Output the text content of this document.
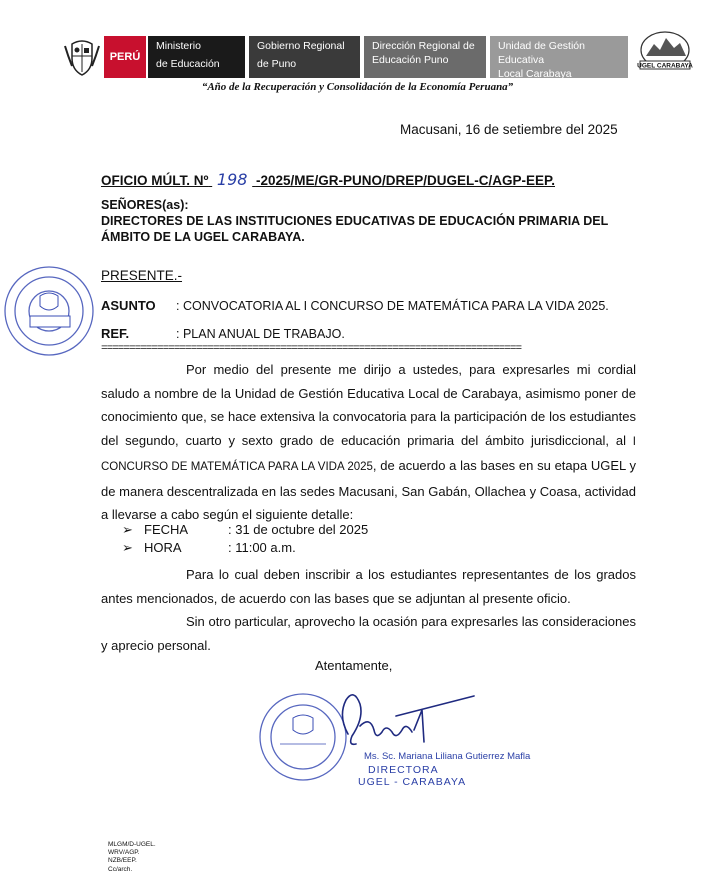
PERÚ
Ministerio
de Educación
Gobierno Regional
de Puno
Dirección Regional de
Educación Puno
Unidad de Gestión Educativa
Local Carabaya
UGEL CARABAYA
“Año de la Recuperación y Consolidación de la Economía Peruana”
Macusani, 16 de setiembre del 2025
OFICIO MÚLT. Nº 198 -2025/ME/GR-PUNO/DREP/DUGEL-C/AGP-EEP.
SEÑORES(as):
DIRECTORES DE LAS INSTITUCIONES EDUCATIVAS DE EDUCACIÓN PRIMARIA DEL ÁMBITO DE LA UGEL CARABAYA.
PRESENTE.-
ASUNTO : CONVOCATORIA AL I CONCURSO DE MATEMÁTICA PARA LA VIDA 2025.
REF.	: PLAN ANUAL DE TRABAJO.
===========================================================================
Por medio del presente me dirijo a ustedes, para expresarles mi cordial saludo a nombre de la Unidad de Gestión Educativa Local de Carabaya, asimismo poner de conocimiento que, se hace extensiva la convocatoria para la participación de los estudiantes del segundo, cuarto y sexto grado de educación primaria del ámbito jurisdiccional, al I CONCURSO DE MATEMÁTICA PARA LA VIDA 2025, de acuerdo a las bases en su etapa UGEL y de manera descentralizada en las sedes Macusani, San Gabán, Ollachea y Coasa, actividad a llevarse a cabo según el siguiente detalle:
➢ FECHA	: 31 de octubre del 2025
➢ HORA	: 11:00 a.m.
Para lo cual deben inscribir a los estudiantes representantes de los grados antes mencionados, de acuerdo con las bases que se adjuntan al presente oficio.
Sin otro particular, aprovecho la ocasión para expresarles las consideraciones y aprecio personal.
Atentamente,
Ms. Sc. Mariana Liliana Gutierrez Mafla
DIRECTORA
UGEL - CARABAYA
MLGM/D-UGEL.
WRV/AGP.
NZB/EEP.
Cc/arch.
